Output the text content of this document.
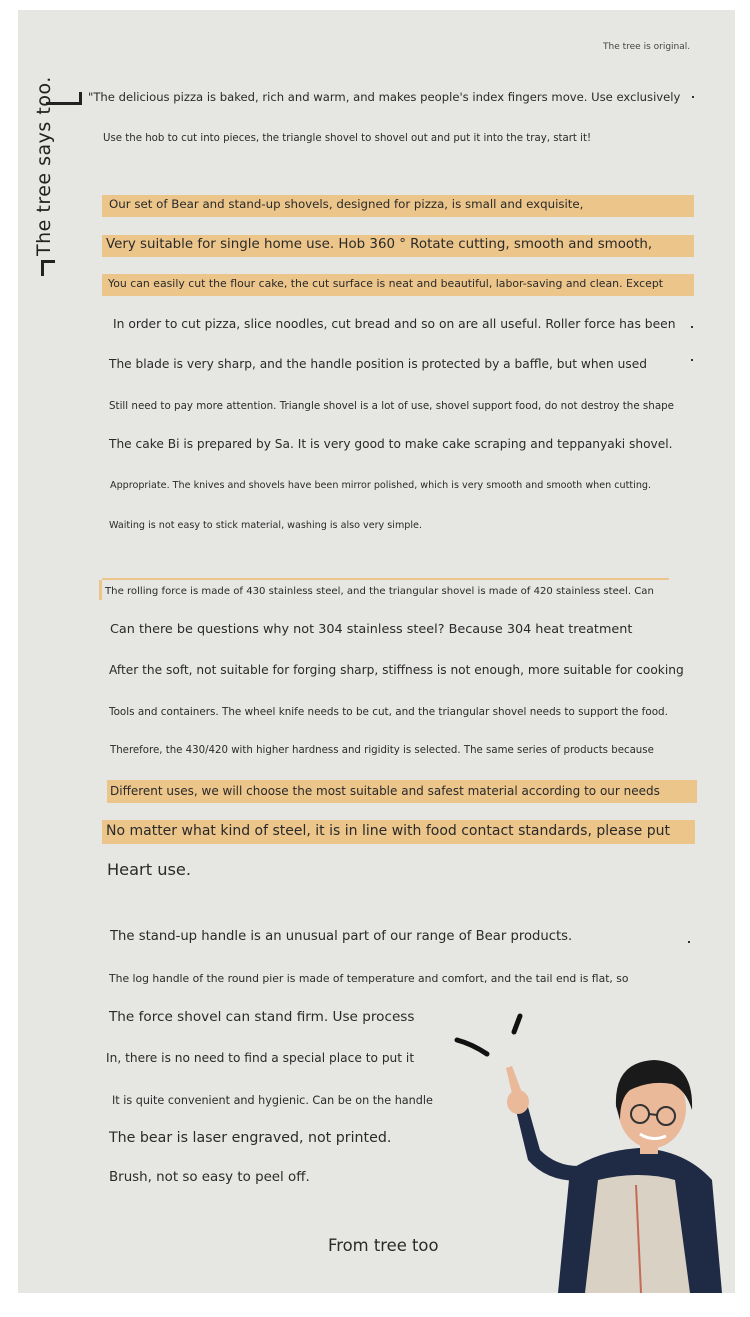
The tree is original.
The tree says too.	"The delicious pizza is baked, rich and warm, and makes people's index fingers move. Use exclusively
Use the hob to cut into pieces, the triangle shovel to shovel out and put it into the tray, start it!
Our set of Bear and stand-up shovels, designed for pizza, is small and exquisite,
Very suitable for single home use. Hob 360 ° Rotate cutting, smooth and smooth,
You can easily cut the flour cake, the cut surface is neat and beautiful, labor-saving and clean. Except
In order to cut pizza, slice noodles, cut bread and so on are all useful. Roller force has been
The blade is very sharp, and the handle position is protected by a baffle, but when used
Still need to pay more attention. Triangle shovel is a lot of use, shovel support food, do not destroy the shape
The cake Bi is prepared by Sa. It is very good to make cake scraping and teppanyaki shovel.
Appropriate. The knives and shovels have been mirror polished, which is very smooth and smooth when cutting.
Waiting is not easy to stick material, washing is also very simple.
The rolling force is made of 430 stainless steel, and the triangular shovel is made of 420 stainless steel. Can
Can there be questions why not 304 stainless steel? Because 304 heat treatment
After the soft, not suitable for forging sharp, stiffness is not enough, more suitable for cooking
Tools and containers. The wheel knife needs to be cut, and the triangular shovel needs to support the food.
Therefore, the 430/420 with higher hardness and rigidity is selected. The same series of products because
Different uses, we will choose the most suitable and safest material according to our needs
No matter what kind of steel, it is in line with food contact standards, please put
Heart use.
The stand-up handle is an unusual part of our range of Bear products.
The log handle of the round pier is made of temperature and comfort, and the tail end is flat, so
The force shovel can stand firm. Use process
In, there is no need to find a special place to put it
It is quite convenient and hygienic. Can be on the handle
The bear is laser engraved, not printed.
Brush, not so easy to peel off.
From tree too
